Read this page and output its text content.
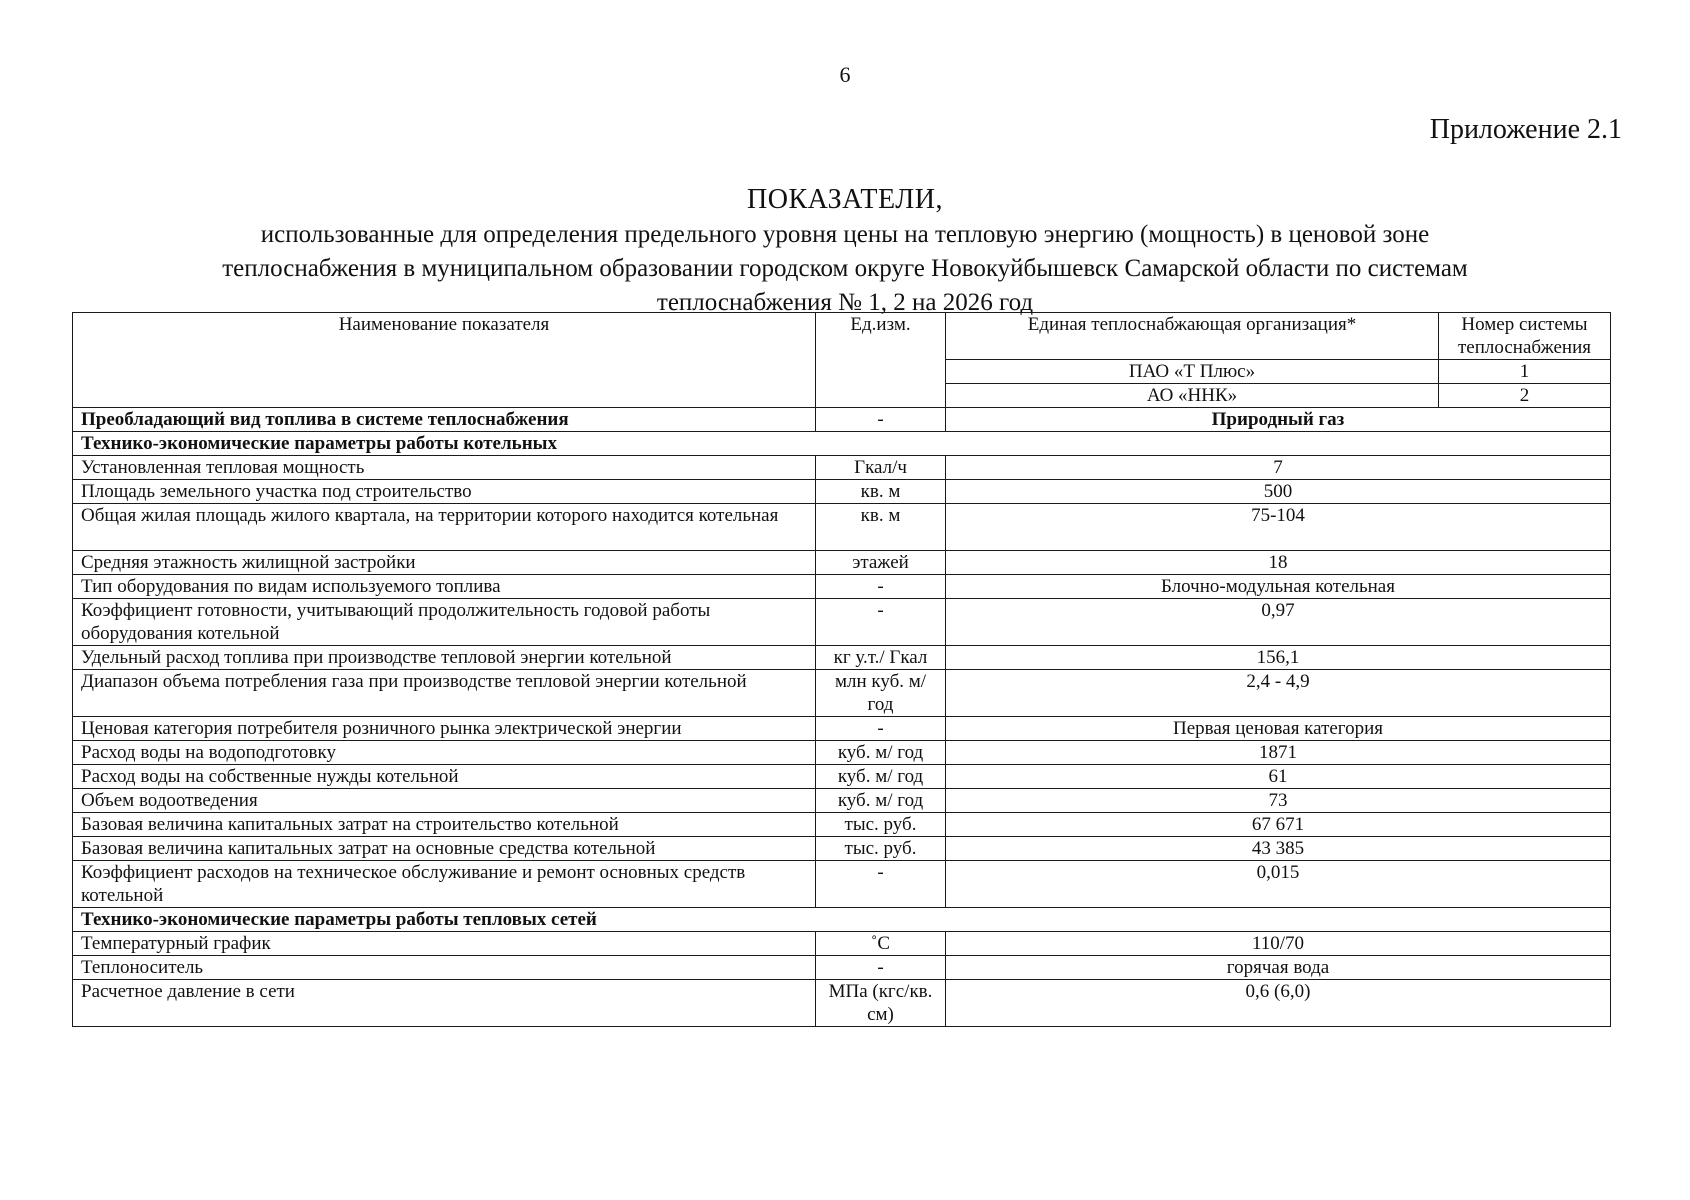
6
Приложение 2.1
ПОКАЗАТЕЛИ,
использованные для определения предельного уровня цены на тепловую энергию (мощность) в ценовой зоне
теплоснабжения в муниципальном образовании городском округе Новокуйбышевск Самарской области по системам
теплоснабжения № 1, 2 на 2026 год
Наименование показателя	Ед.изм.	Единая теплоснабжающая организация*	Номер системы теплоснабжения
		ПАО «Т Плюс»	1
		АО «ННК»	2
Преобладающий вид топлива в системе теплоснабжения	-	Природный газ	
Технико-экономические параметры работы котельных			
Установленная тепловая мощность	Гкал/ч	7	
Площадь земельного участка под строительство	кв. м	500	
Общая жилая площадь жилого квартала, на территории которого находится котельная	кв. м	75-104	
Средняя этажность жилищной застройки	этажей	18	
Тип оборудования по видам используемого топлива	-	Блочно-модульная котельная	
Коэффициент готовности, учитывающий продолжительность годовой работы оборудования котельной	-	0,97	
Удельный расход топлива при производстве тепловой энергии котельной	кг у.т./ Гкал	156,1	
Диапазон объема потребления газа при производстве тепловой энергии котельной	млн куб. м/год	2,4 - 4,9	
Ценовая категория потребителя розничного рынка электрической энергии	-	Первая ценовая категория	
Расход воды на водоподготовку	куб. м/ год	1871	
Расход воды на собственные нужды котельной	куб. м/ год	61	
Объем водоотведения	куб. м/ год	73	
Базовая величина капитальных затрат на строительство котельной	тыс. руб.	67 671	
Базовая величина капитальных затрат на основные средства котельной	тыс. руб.	43 385	
Коэффициент расходов на техническое обслуживание и ремонт основных средств котельной	-	0,015	
Технико-экономические параметры работы тепловых сетей			
Температурный график	˚С	110/70	
Теплоноситель	-	горячая вода	
Расчетное давление в сети	МПа (кгс/кв. см)	0,6 (6,0)	
